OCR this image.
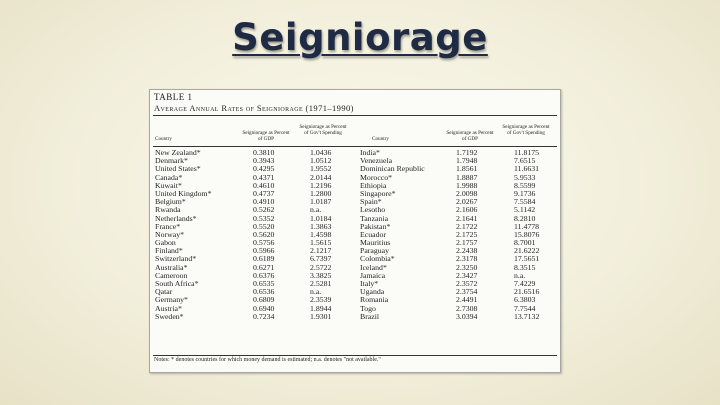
Seigniorage
TABLE 1
Average Annual Rates of Seigniorage (1971–1990)
Country
Seigniorage as Percent of GDP
Seigniorage as Percent of Gov't Spending
Country
Seigniorage as Percent of GDP
Seigniorage as Percent of Gov't Spending
New Zealand*	0.3810	1.0436	India*	1.7192	11.8175
Denmark*	0.3943	1.0512	Venezuela	1.7948	7.6515
United States*	0.4295	1.9552	Dominican Republic	1.8561	11.6631
Canada*	0.4371	2.0144	Morocco*	1.8887	5.9533
Kuwait*	0.4610	1.2196	Ethiopia	1.9988	8.5599
United Kingdom*	0.4737	1.2800	Singapore*	2.0098	9.1736
Belgium*	0.4910	1.0187	Spain*	2.0267	7.5584
Rwanda	0.5262	n.a.	Lesotho	2.1606	5.1142
Netherlands*	0.5352	1.0184	Tanzania	2.1641	8.2810
France*	0.5520	1.3863	Pakistan*	2.1722	11.4778
Norway*	0.5620	1.4598	Ecuador	2.1725	15.8076
Gabon	0.5756	1.5615	Mauritius	2.1757	8.7001
Finland*	0.5966	2.1217	Paraguay	2.2438	21.6222
Switzerland*	0.6189	6.7397	Colombia*	2.3178	17.5651
Australia*	0.6271	2.5722	Iceland*	2.3250	8.3515
Cameroon	0.6376	3.3825	Jamaica	2.3427	n.a.
South Africa*	0.6535	2.5281	Italy*	2.3572	7.4229
Qatar	0.6536	n.a.	Uganda	2.3754	21.6516
Germany*	0.6809	2.3539	Romania	2.4491	6.3803
Austria*	0.6940	1.8944	Togo	2.7308	7.7544
Sweden*	0.7234	1.9301	Brazil	3.0394	13.7132
Notes: * denotes countries for which money demand is estimated; n.a. denotes "not available."
